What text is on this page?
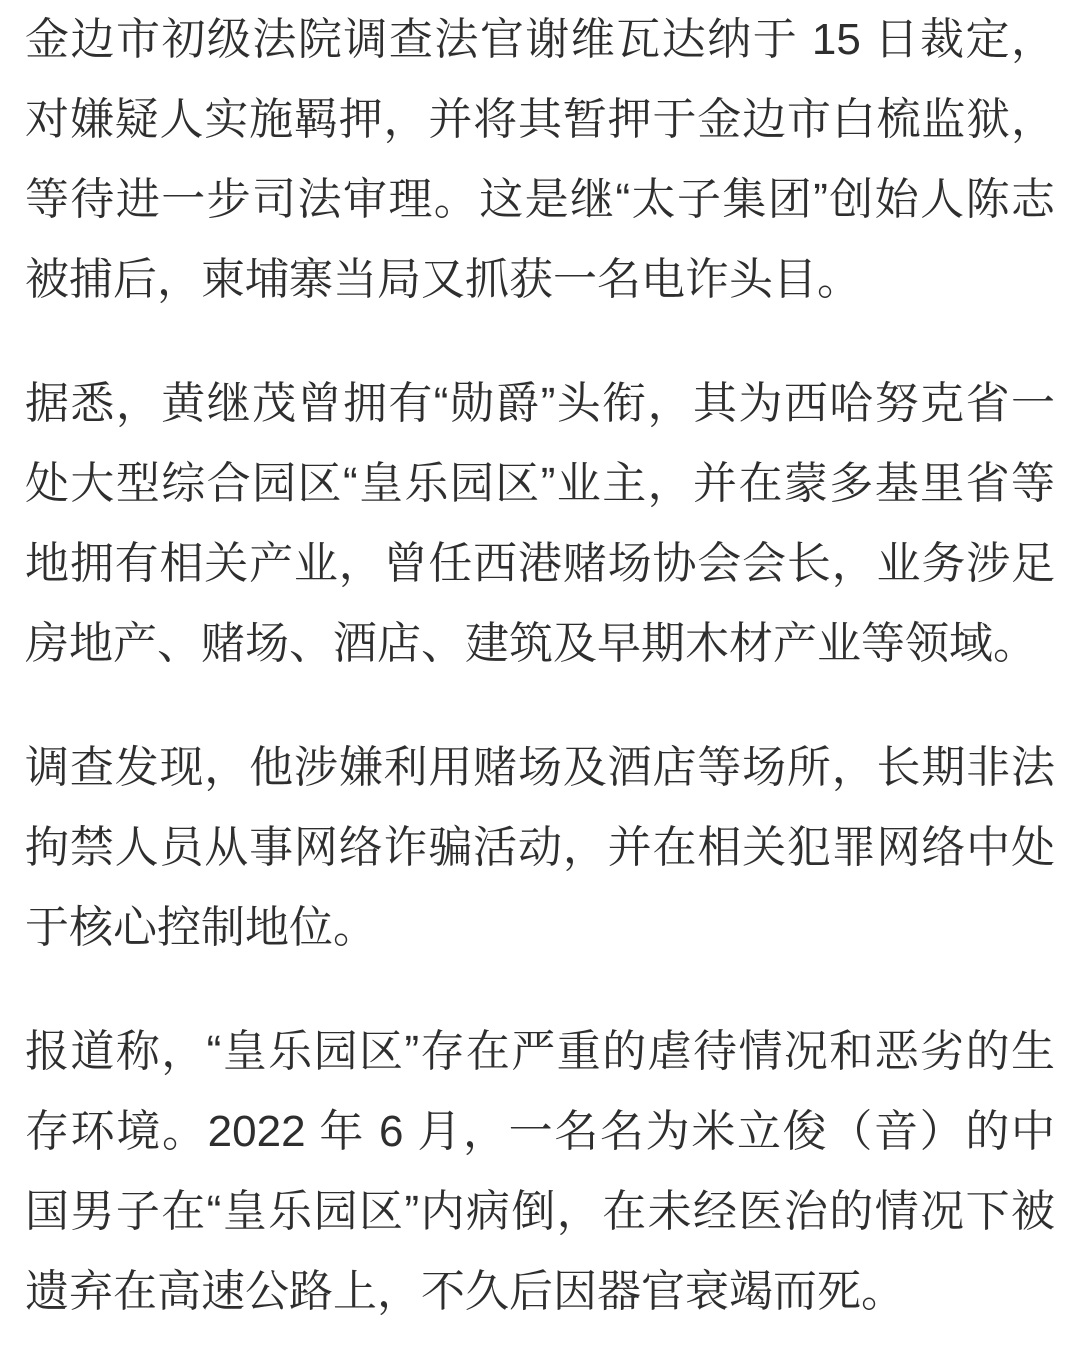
金边市初级法院调查法官谢维瓦达纳于 15 日裁定，对嫌疑人实施羁押，并将其暂押于金边市白梳监狱，等待进一步司法审理。这是继“太子集团”创始人陈志被捕后，柬埔寨当局又抓获一名电诈头目。

据悉，黄继茂曾拥有“勋爵”头衔，其为西哈努克省一处大型综合园区“皇乐园区”业主，并在蒙多基里省等地拥有相关产业，曾任西港赌场协会会长，业务涉足房地产、赌场、酒店、建筑及早期木材产业等领域。

调查发现，他涉嫌利用赌场及酒店等场所，长期非法拘禁人员从事网络诈骗活动，并在相关犯罪网络中处于核心控制地位。

报道称，“皇乐园区”存在严重的虐待情况和恶劣的生存环境。2022 年 6 月，一名名为米立俊（音）的中国男子在“皇乐园区”内病倒，在未经医治的情况下被遗弃在高速公路上，不久后因器官衰竭而死。
